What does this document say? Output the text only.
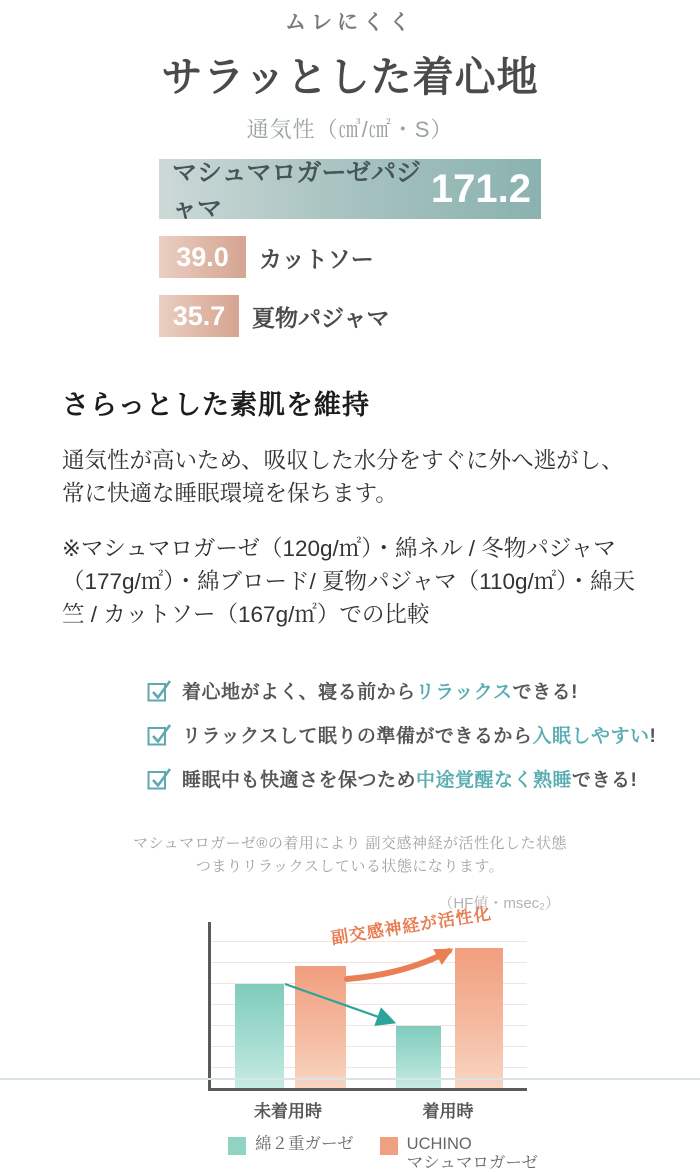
ムレにくく
サラッとした着心地
通気性（㎤/㎠・S）
マシュマロガーゼパジャマ	171.2
39.0 カットソー
35.7 夏物パジャマ
さらっとした素肌を維持
通気性が高いため、吸収した水分をすぐに外へ逃がし、常に快適な睡眠環境を保ちます。
※マシュマロガーゼ（120g/㎡）・綿ネル / 冬物パジャマ（177g/㎡）・綿ブロード/ 夏物パジャマ（110g/㎡）・綿天竺 / カットソー（167g/㎡）での比較
着心地がよく、寝る前からリラックスできる!
リラックスして眠りの準備ができるから入眠しやすい!
睡眠中も快適さを保つため中途覚醒なく熟睡できる!
マシュマロガーゼ®の着用により 副交感神経が活性化した状態
つまりリラックスしている状態になります。
（HF値・msec₂）
副交感神経が活性化
未着用時	着用時
綿２重ガーゼ	UCHINO
マシュマロガーゼ
